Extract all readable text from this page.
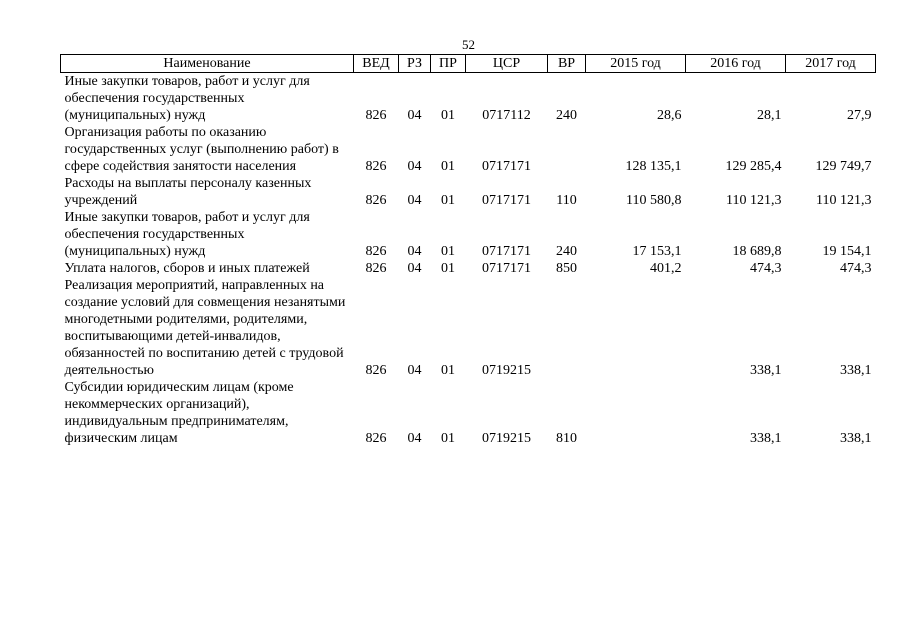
52
Наименование	ВЕД	РЗ	ПР	ЦСР	ВР	2015 год	2016 год	2017 год
Иные закупки товаров, работ и услуг для обеспечения государственных (муниципальных) нужд	826	04	01	0717112	240	28,6	28,1	27,9
Организация работы по оказанию государственных услуг (выполнению работ) в сфере содействия занятости населения	826	04	01	0717171		128 135,1	129 285,4	129 749,7
Расходы на выплаты персоналу казенных учреждений	826	04	01	0717171	110	110 580,8	110 121,3	110 121,3
Иные закупки товаров, работ и услуг для обеспечения государственных (муниципальных) нужд	826	04	01	0717171	240	17 153,1	18 689,8	19 154,1
Уплата налогов, сборов и иных платежей	826	04	01	0717171	850	401,2	474,3	474,3
Реализация мероприятий, направленных на создание условий для совмещения незанятыми многодетными родителями, родителями, воспитывающими детей-инвалидов, обязанностей по воспитанию детей с трудовой деятельностью	826	04	01	0719215			338,1	338,1
Субсидии юридическим лицам (кроме некоммерческих организаций), индивидуальным предпринимателям, физическим лицам	826	04	01	0719215	810		338,1	338,1
